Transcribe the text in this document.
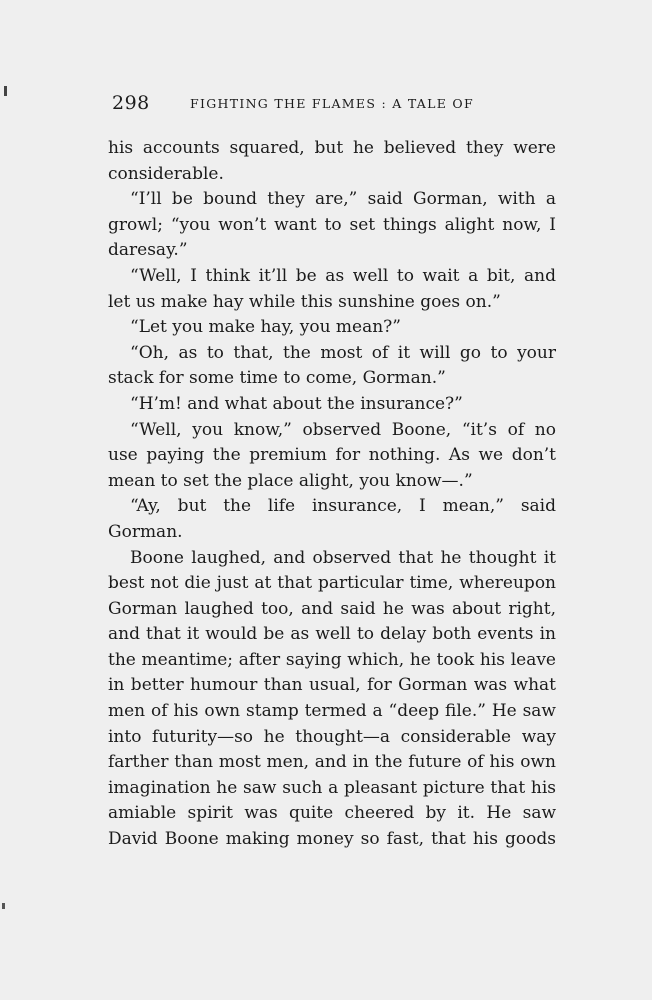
298	FIGHTING THE FLAMES : A TALE OF
his accounts squared, but he believed they were
considerable.
“I’ll be bound they are,” said Gorman, with a
growl; “you won’t want to set things alight now, I
daresay.”
“Well, I think it’ll be as well to wait a bit, and
let us make hay while this sunshine goes on.”
“Let you make hay, you mean?”
“Oh, as to that, the most of it will go to your
stack for some time to come, Gorman.”
“H’m! and what about the insurance?”
“Well, you know,” observed Boone, “it’s of no
use paying the premium for nothing. As we don’t
mean to set the place alight, you know—.”
“Ay, but the life insurance, I mean,” said
Gorman.
Boone laughed, and observed that he thought it
best not die just at that particular time, whereupon
Gorman laughed too, and said he was about right,
and that it would be as well to delay both events in
the meantime; after saying which, he took his leave
in better humour than usual, for Gorman was what
men of his own stamp termed a “deep file.” He saw
into futurity—so he thought—a considerable way
farther than most men, and in the future of his own
imagination he saw such a pleasant picture that his
amiable spirit was quite cheered by it. He saw
David Boone making money so fast, that his goods
